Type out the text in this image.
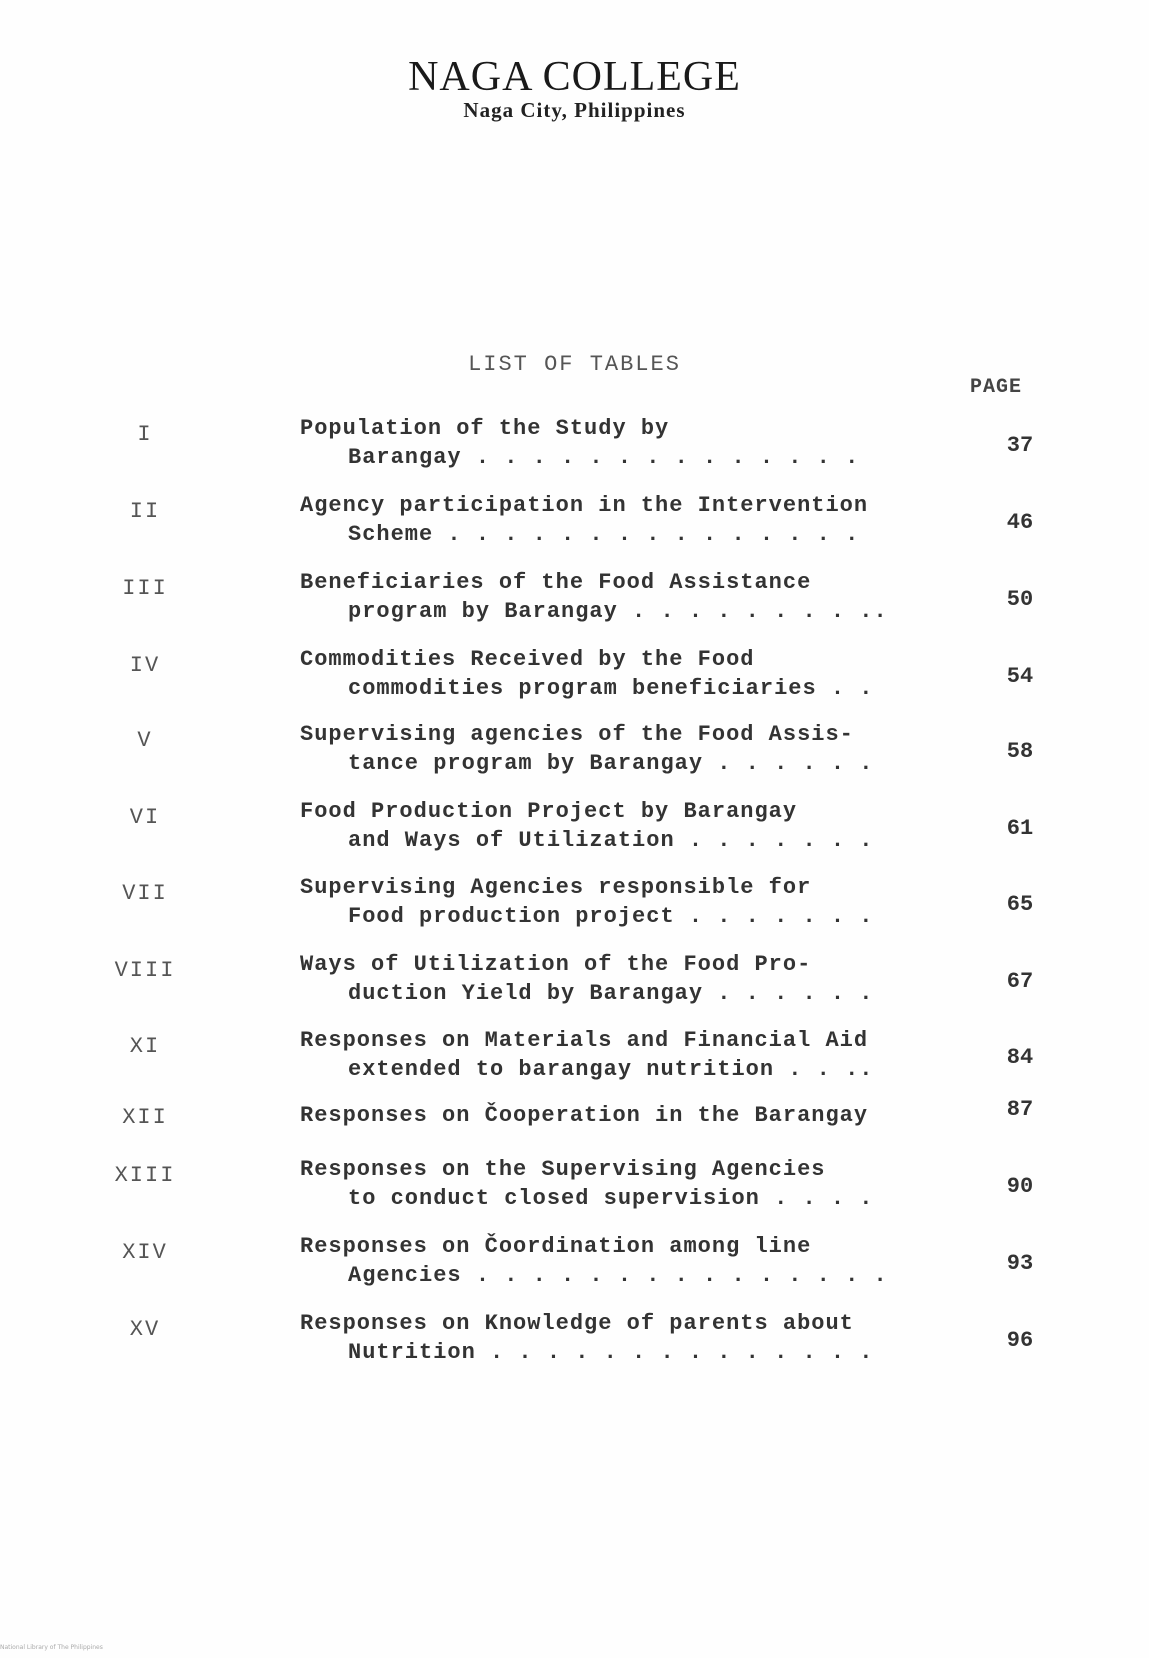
NAGA COLLEGE
Naga City, Philippines
LIST OF TABLES
PAGE
I	Population of the Study by
Barangay . . . . . . . . . . . . . .	37
II	Agency participation in the Intervention
Scheme . . . . . . . . . . . . . . .	46
III	Beneficiaries of the Food Assistance
program by Barangay . . . . . . . . ..	50
IV	Commodities Received by the Food
commodities program beneficiaries . .	54
V	Supervising agencies of the Food Assis-
tance program by Barangay . . . . . .	58
VI	Food Production Project by Barangay
and Ways of Utilization . . . . . . .	61
VII	Supervising Agencies responsible for
Food production project . . . . . . .	65
VIII	Ways of Utilization of the Food Pro-
duction Yield by Barangay . . . . . .	67
XI	Responses on Materials and Financial Aid
extended to barangay nutrition . . ..	84
XII	Responses on Čooperation in the Barangay	87
XIII	Responses on the Supervising Agencies
to conduct closed supervision . . . .	90
XIV	Responses on Čoordination among line
Agencies . . . . . . . . . . . . . . .	93
XV	Responses on Knowledge of parents about
Nutrition . . . . . . . . . . . . . .	96
National Library of The Philippines
